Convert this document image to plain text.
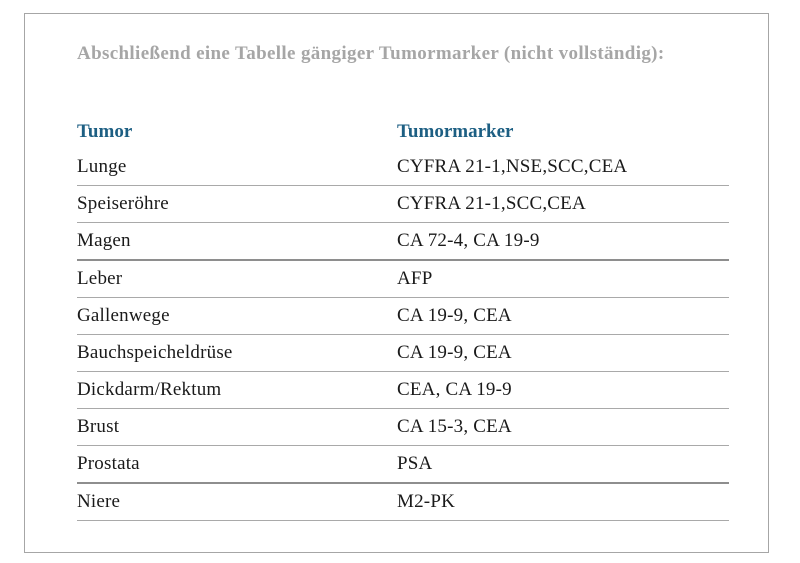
Abschließend eine Tabelle gängiger Tumormarker (nicht vollständig):

Tumor	Tumormarker
Lunge	CYFRA 21-1,NSE,SCC,CEA
Speiseröhre	CYFRA 21-1,SCC,CEA
Magen	CA 72-4, CA 19-9
Leber	AFP
Gallenwege	CA 19-9, CEA
Bauchspeicheldrüse	CA 19-9, CEA
Dickdarm/Rektum	CEA, CA 19-9
Brust	CA 15-3, CEA
Prostata	PSA
Niere	M2-PK
